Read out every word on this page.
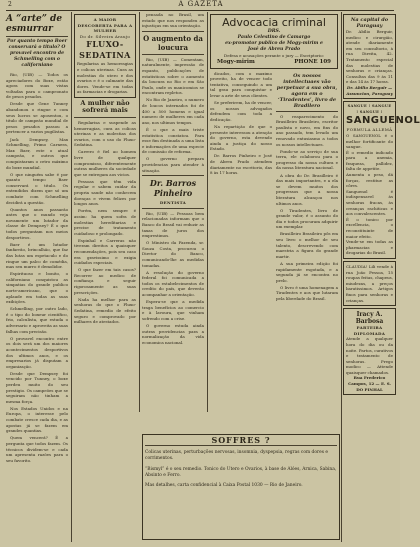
2	A GAZETA
A “arte” de esmurrar
Por quanto tempo Boer conservará o titulo? O provavel encontro de Schmelling com o californiano

Rio, (UIB) — Todos os apreciadores do Boxe, estão agora com suas vistas voltadas para o campeonato de pesos pesados.

Desde que Gene Tunney abandonou o ringue e com seus lucros se aposentou, o titulo de campeão mundial de pesos pesados passou a pertencer a varios pugilistas.

Jack Dempsey, Max Schmelling, Primo Carnera, Max Baer, este o atual campeão, e outros que conquistaram o cetro máximo do boxe mundial.

O que ninguém sabe é por quanto tempo Baer conservará o titulo. Os entendidos dizem que só um combate com Schmelling decidirá a questão.

Quantos anos passarão antes que o mundo veja novamente um lutador da classe de Dempsey? É o que todos perguntam nos meios desportivos.

Baer é um lutador fanfarrão, brincalhão, que faz das lutas um espetaculo e do ringue um palco de comédia, mas seu murro é demolidor.

Espirituoso e bonito, o californiano conquistou as simpatias do grande publico norte-americano, que o aplaude em todas as suas exibições.

Schmelling, por outro lado, é o tipo do boxeur científico, frio, calculista, que estuda o adversario e aproveita as suas falhas com precisão.

O provavel encontro entre os dois será um dos maiores acontecimentos desportivos dos ultimos anos, e os empresarios já disputam a organização.

Desde que Dempsey foi vencido por Tunney, o boxe perdeu muito do seu prestigio. Os campeões que se seguiram não tinham a mesma força.

Nos Estados Unidos e na Europa, o interesse pelo combate cresce cada dia, e as apostas já se fazem em grandes quantias.

Quem vencerá? É a pergunta que todos fazem. Os técnicos dividem-se e cada um apresenta razões para o seu favorito.

A MAIOR DESCOBERTA PARA A MULHER
Do dr. Silveira Araujo
FLUXO-SEDATINA
Regularisa as hemorragias e colicas uterinas. Cura as molestias do utero e dos ovarios e é o calmante das dores. Vende-se em todas as farmacias e drogarias.
A mulher não sofrerá mais

Regularisa e suspende as hemorragias, cura as colicas uterinas e as molestias dos ovarios, com o uso do Fluxo-Sedatina.

Carrero é fiel ao homem livre de qualquer compromisso, diferentemente outras mulheres da sociedade que se entregam aos vicios.

Pessoas que têm vida regular e sabem cuidar da propria saude não conhecem doenças e vivem felizes por longos anos.

Porém, nem sempre é assim: ha quem sofra de molestias hereditarias e precise de tratamento cuidadoso e prolongado.

Espinhal e Carreras não tiveram direitos a quaisquer recomendações, pois seu caso era gravissimo e exigia cuidados especiais.

O que fazer em tais casos? Recorrer ao medico de confiança e seguir rigorosamente as suas prescrições.

Nada ha melhor para as senhoras do que o Fluxo-Sedatina, remedio de efeito seguro e comprovado por milhares de atestados.

pensada no Brasil, um estado que nos respondeu as injustiças em sua orientação.

O augmento da loucura

Rio, (UIB) — Comentam, naturalmente, impressão de espanto, publicações de estatisticas sobre o aumento da loucura no Rio e em São Paulo, onde os manicomios se encontram repletos.

No Rio de Janeiro, o numero de loucos internados foi de 400 a 500 homens e igual numero de mulheres em cada ano, nos ultimos tempos.

É o que a mais triste estatistica constatou. Para esse fim destinada a uma lista e informações de uma especie de comissão de reforma.

O governo prepara providencias para atender à situação.

Dr. Barros Pinheiro
DENTISTA

Rio, (UIB) — Pessoas bem relacionadas informam que o Banco do Brasil vai reduzir as taxas de juros dos emprestimos.

O Ministro da Fazenda, sr. Souza Costa, procurou o Diretor do Banco, comunicando-lhe as medidas tomadas.

A resolução do governo federal foi comunicada a todos os estabelecimentos de credito do país, que deverão acompanhar a orientação.

Espera-se que a medida traga benefícios ao comercio e à lavoura, que vinham sofrendo com a crise.

O governo estuda ainda outras providencias para a normalização da vida economica nacional.

Advocacia criminal
DRS.
Paulo Celestino de Camargo
ex-promotor publico de Mogy-mirim e
José de Abreu Prado
Defesa e acusações perante o jury — Escriptorio:
Mogy-mirim	PHONE 109

dicados, com o maximo proveito, ha de vencer todo tentativa, conseguindo a um tal grau para conquistar e levar a arte de seus clientes.

Se preferirem, ha de vencer, os nossos advogados defendem com toda a dedicação.

Na repartição de que o presente interessou a atenção do governo, esta devendo ainda a justiça do nosso Estado.

Dr. Barros Pinheiro e José de Abreu Prado atendem diariamente no escritorio, das 8 às 17 horas.

Os nossos intellectuaes vão perpetuar a sua obra, agora em o ‘Tiradentes’, livro de Bradilero

O reaparecimento do Brasilleiro Brasileiro, escritor paulista e novo, em fins do ano passado, tem levado um renovado entusiasmo a todos os nossos intellectuaes.

Pondo-se ao serviço de sua terra, ele colaborou para o progresso da nossa cultura e da nossa literatura nacional.

A obra do Dr. Brasilleiro é das mais importantes, e a ela se devem muitos dos progressos que a nossa literatura alcançou nos ultimos anos.

O Tiradentes, livro de grande valor, é o assunto do dia e todos procuram adquirir um exemplar.

Brasilleiro Brasileiro pôs em seu livro o melhor de seu talento, descrevendo com maestria a figura do grande martir.

A sua primeira edição foi rapidamente esgotada, e a segunda já se encontra no prelo.

O livro é uma homenagem a Tiradentes e aos que lutaram pela liberdade do Brasil.

Na capital do Paraguay
Dr. Abílio Berguir, medico e cirurgião, atende diariamente em seu consultorio, à rua Direita, 42. Tratamento especial das molestias de senhoras e crianças. Consultas das 9 às 11 e das 14 às 17 horas.
Dr. Abilio Berguir — Assuncion, Paraguay
SANGUE ! SANGUE ! SANGUE !
SANGUENOL
FORMULA ALLEMÃ
O SANGUENOL é o melhor fortificante do sangue.
É o remedio indicado para a anemia, fraqueza, pallidez, falta de appetite.
Aumenta o peso, dá forças, restitue as côres.
Sanguenol é indispensavel às senhoras fracas, às creanças rachiticas e aos convalescentes.
É o tonico por excellencia, o reconstituinte de maior efeito.
Vende-se em todas as pharmacias e drogarias do Brasil.
CLAUDIA! Lili vende à rua João Pessoa, 15 roupas feitas, chapeus, miudezas, a preços baratissimos. Artigos finos para senhoras e crianças.
Iracy A. Barbosa
PARTEIRA DIPLOMADA
Atende a qualquer hora do dia ou da noite. Partos, curativos e tratamento de senhoras. Prego modico — Attende quaisquer chamados.
Rua Frederico Campos, 12 — E. S. DO PINHAL
SOFFRES ?

Colicas uterinas, perturbações nervosas, insomnia, dyspepsia, regras com dores e corrimentos.

“Bismyl” é o seu remedio. Tonico do Utero e Ovarios, à base de Alóes, Arnica, Sabina, Absinto e Ferro.

Mas detalhes, carta confidencial à Caixa Postal 1030 — Rio de Janeiro.
